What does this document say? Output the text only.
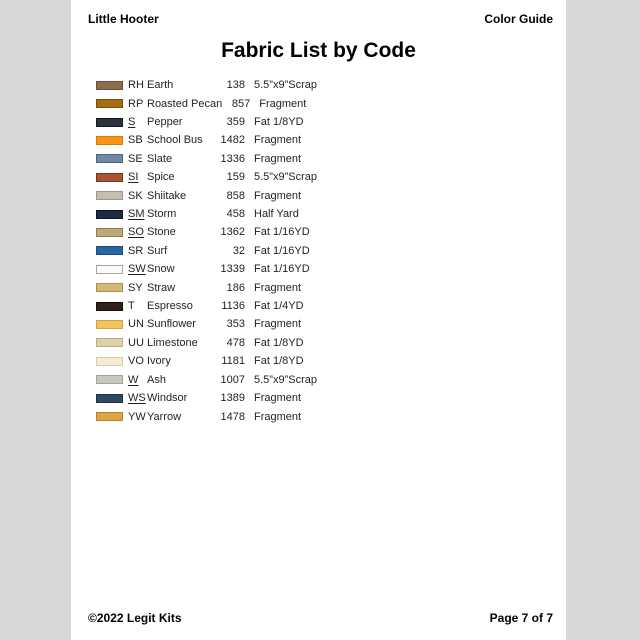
Little Hooter	Color Guide
Fabric List by Code
RH Earth	138 5.5”x9”Scrap
RP Roasted Pecan 857 Fragment
S	Pepper	359 Fat 1/8YD
SB School Bus	1482 Fragment
SE Slate	1336 Fragment
SI Spice	159 5.5”x9”Scrap
SK Shiitake	858 Fragment
SM Storm	458 Half Yard
SO Stone	1362 Fat 1/16YD
SR Surf	32 Fat 1/16YD
SW Snow	1339 Fat 1/16YD
SY Straw	186 Fragment
T	Espresso	1136 Fat 1/4YD
UN Sunflower	353 Fragment
UU Limestone	478 Fat 1/8YD
VO Ivory	1181 Fat 1/8YD
W Ash	1007 5.5”x9”Scrap
WS Windsor	1389 Fragment
YW Yarrow	1478 Fragment
©2022 Legit Kits	Page 7 of 7
